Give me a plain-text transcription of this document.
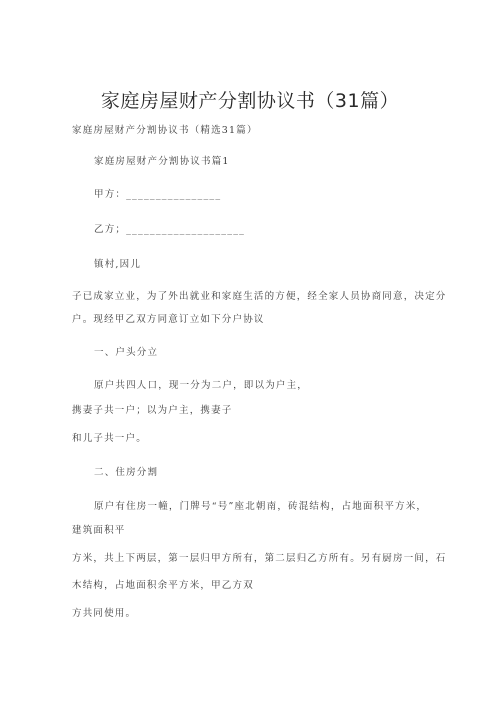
家庭房屋财产分割协议书（31篇）
家庭房屋财产分割协议书（精选31篇）
家庭房屋财产分割协议书篇1
甲方：________________
乙方；____________________
镇村,因儿
子已成家立业，为了外出就业和家庭生活的方便，经全家人员协商同意，决定分
户。现经甲乙双方同意订立如下分户协议
一、户头分立
原户共四人口，现一分为二户，即以为户主，
携妻子共一户；以为户主，携妻子
和儿子共一户。
二、住房分割
原户有住房一幢，门牌号“号”座北朝南，砖混结构，占地面积平方米，
建筑面积平
方米，共上下两层，第一层归甲方所有，第二层归乙方所有。另有厨房一间，石
木结构，占地面积余平方米，甲乙方双
方共同使用。
